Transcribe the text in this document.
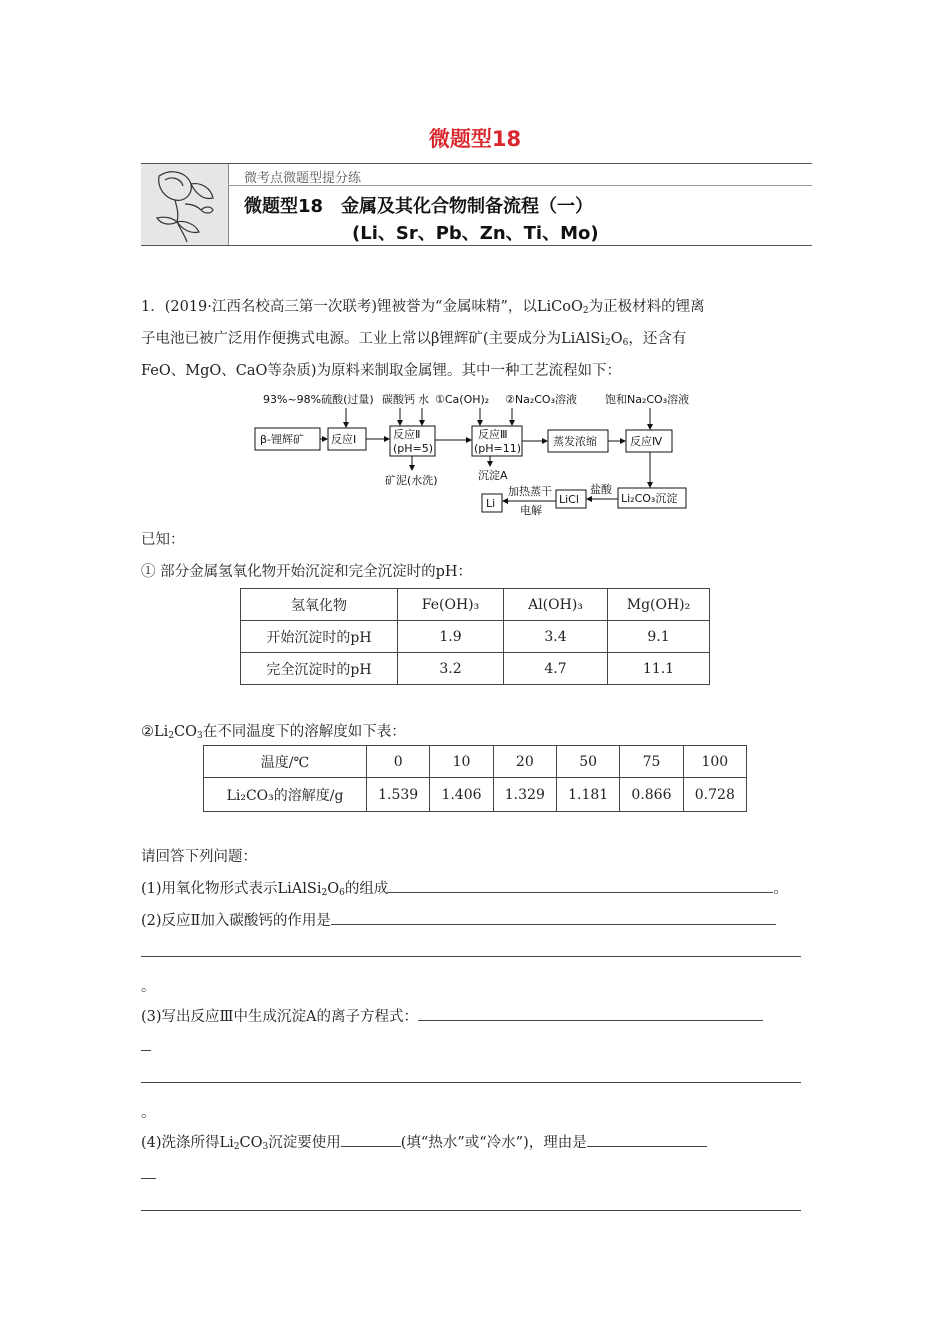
微题型18
微考点微题型提分练
微题型18　金属及其化合物制备流程（一）
(Li、Sr、Pb、Zn、Ti、Mo)
1．(2019·江西名校高三第一次联考)锂被誉为“金属味精”，以LiCoO$_2$为正极材料的锂离
子电池已被广泛用作便携式电源。工业上常以β锂辉矿(主要成分为$LiAlSi_2O_6$，还含有
FeO、MgO、CaO等杂质)为原料来制取金属锂。其中一种工艺流程如下：
93%~98%硫酸(过量) 碳酸钙 水 ①Ca(OH)₂ ②Na₂CO₃溶液	饱和Na₂CO₃溶液
β-锂辉矿 反应Ⅰ	反应Ⅱ
(pH=5)
反应Ⅲ
(pH=11)
蒸发浓缩	反应Ⅳ
Li₂CO₃沉淀
LiCl
Li
矿泥(水洗)	沉淀A
盐酸
加热蒸干
电解
已知：
① 部分金属氢氧化物开始沉淀和完全沉淀时的pH：
氢氧化物	Fe(OH)₃	Al(OH)₃	Mg(OH)₂
开始沉淀时的pH	1.9	3.4	9.1
完全沉淀时的pH	3.2	4.7	11.1
$②Li_2CO_3$在不同温度下的溶解度如下表：
温度/℃	0	10	20	50	75	100
Li₂CO₃的溶解度/g	1.539	1.406	1.329	1.181	0.866	0.728
请回答下列问题：
(1)用氧化物形式表示$LiAlSi_2O_6$的组成	。
(2)反应Ⅱ加入碳酸钙的作用是
。
(3)写出反应Ⅲ中生成沉淀A的离子方程式：
。
(4)洗涤所得$Li_2CO_3$沉淀要使用	(填“热水”或“冷水”)，理由是
